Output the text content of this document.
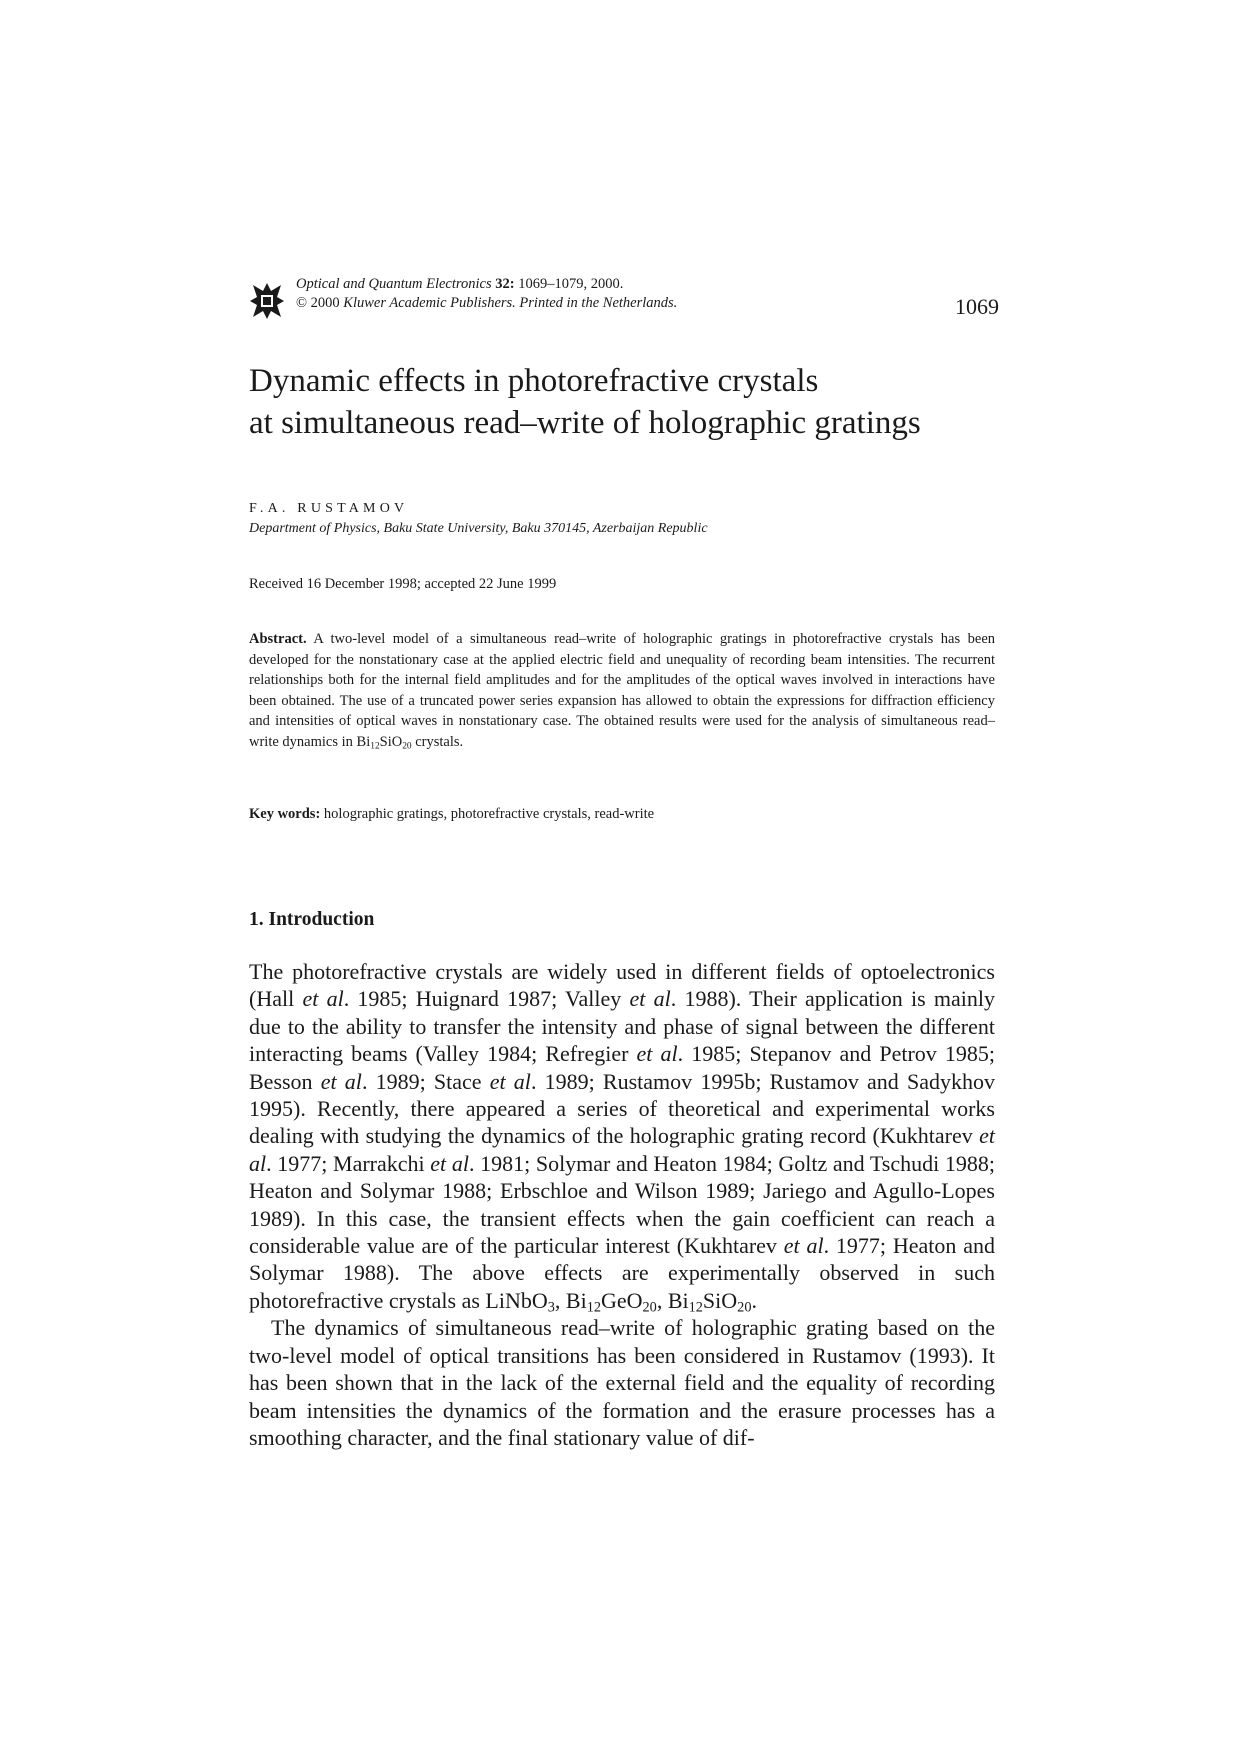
Optical and Quantum Electronics 32: 1069–1079, 2000.
© 2000 Kluwer Academic Publishers. Printed in the Netherlands.	1069
Dynamic effects in photorefractive crystals
at simultaneous read–write of holographic gratings
F.A. RUSTAMOV
Department of Physics, Baku State University, Baku 370145, Azerbaijan Republic
Received 16 December 1998; accepted 22 June 1999

Abstract. A two-level model of a simultaneous read–write of holographic gratings in photorefractive crystals has been developed for the nonstationary case at the applied electric field and unequality of recording beam intensities. The recurrent relationships both for the internal field amplitudes and for the amplitudes of the optical waves involved in interactions have been obtained. The use of a truncated power series expansion has allowed to obtain the expressions for diffraction efficiency and intensities of optical waves in nonstationary case. The obtained results were used for the analysis of simultaneous read–write dynamics in $Bi_{12}SiO_{20}$ crystals.

Key words: holographic gratings, photorefractive crystals, read-write
1. Introduction

The photorefractive crystals are widely used in different fields of optoelectronics (Hall et al. 1985; Huignard 1987; Valley et al. 1988). Their application is mainly due to the ability to transfer the intensity and phase of signal between the different interacting beams (Valley 1984; Refregier et al. 1985; Stepanov and Petrov 1985; Besson et al. 1989; Stace et al. 1989; Rustamov 1995b; Rustamov and Sadykhov 1995). Recently, there appeared a series of theoretical and experimental works dealing with studying the dynamics of the holographic grating record (Kukhtarev et al. 1977; Marrakchi et al. 1981; Solymar and Heaton 1984; Goltz and Tschudi 1988; Heaton and Solymar 1988; Erbschloe and Wilson 1989; Jariego and Agullo-Lopes 1989). In this case, the transient effects when the gain coefficient can reach a considerable value are of the particular interest (Kukhtarev et al. 1977; Heaton and Solymar 1988). The above effects are experimentally observed in such photorefractive crystals as LiNbO$_3$, $Bi_{12}GeO_{20}$, $Bi_{12}SiO_{20}$.

The dynamics of simultaneous read–write of holographic grating based on the two-level model of optical transitions has been considered in Rustamov (1993). It has been shown that in the lack of the external field and the equality of recording beam intensities the dynamics of the formation and the erasure processes has a smoothing character, and the final stationary value of dif-
